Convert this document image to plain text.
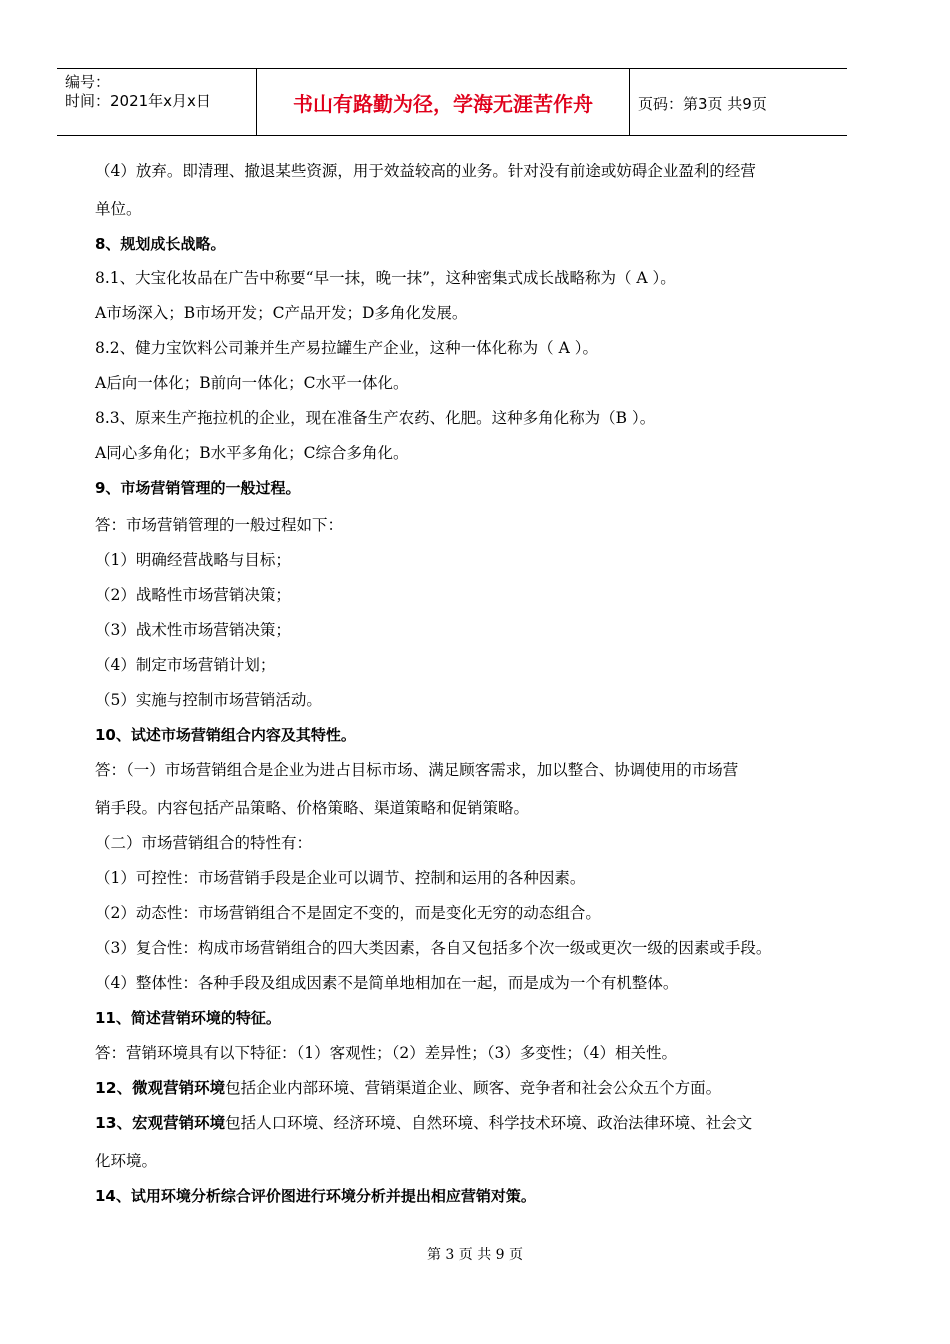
编号：
时间：2021年x月x日	书山有路勤为径，学海无涯苦作舟	页码：第3页 共9页
（4）放弃。即清理、撤退某些资源，用于效益较高的业务。针对没有前途或妨碍企业盈利的经营
单位。
8、规划成长战略。
8.1、大宝化妆品在广告中称要“早一抹，晚一抹”，这种密集式成长战略称为（ A ）。
A市场深入；B市场开发；C产品开发；D多角化发展。
8.2、健力宝饮料公司兼并生产易拉罐生产企业，这种一体化称为（ A ）。
A后向一体化；B前向一体化；C水平一体化。
8.3、原来生产拖拉机的企业，现在准备生产农药、化肥。这种多角化称为（B ）。
A同心多角化；B水平多角化；C综合多角化。
9、市场营销管理的一般过程。
答：市场营销管理的一般过程如下：
（1）明确经营战略与目标；
（2）战略性市场营销决策；
（3）战术性市场营销决策；
（4）制定市场营销计划；
（5）实施与控制市场营销活动。
10、试述市场营销组合内容及其特性。
答：（一）市场营销组合是企业为进占目标市场、满足顾客需求，加以整合、协调使用的市场营
销手段。内容包括产品策略、价格策略、渠道策略和促销策略。
（二）市场营销组合的特性有：
（1）可控性：市场营销手段是企业可以调节、控制和运用的各种因素。
（2）动态性：市场营销组合不是固定不变的，而是变化无穷的动态组合。
（3）复合性：构成市场营销组合的四大类因素，各自又包括多个次一级或更次一级的因素或手段。
（4）整体性：各种手段及组成因素不是简单地相加在一起，而是成为一个有机整体。
11、简述营销环境的特征。
答：营销环境具有以下特征：（1）客观性；（2）差异性；（3）多变性；（4）相关性。
12、微观营销环境包括企业内部环境、营销渠道企业、顾客、竞争者和社会公众五个方面。
13、宏观营销环境包括人口环境、经济环境、自然环境、科学技术环境、政治法律环境、社会文
化环境。
14、试用环境分析综合评价图进行环境分析并提出相应营销对策。
第 3 页 共 9 页
